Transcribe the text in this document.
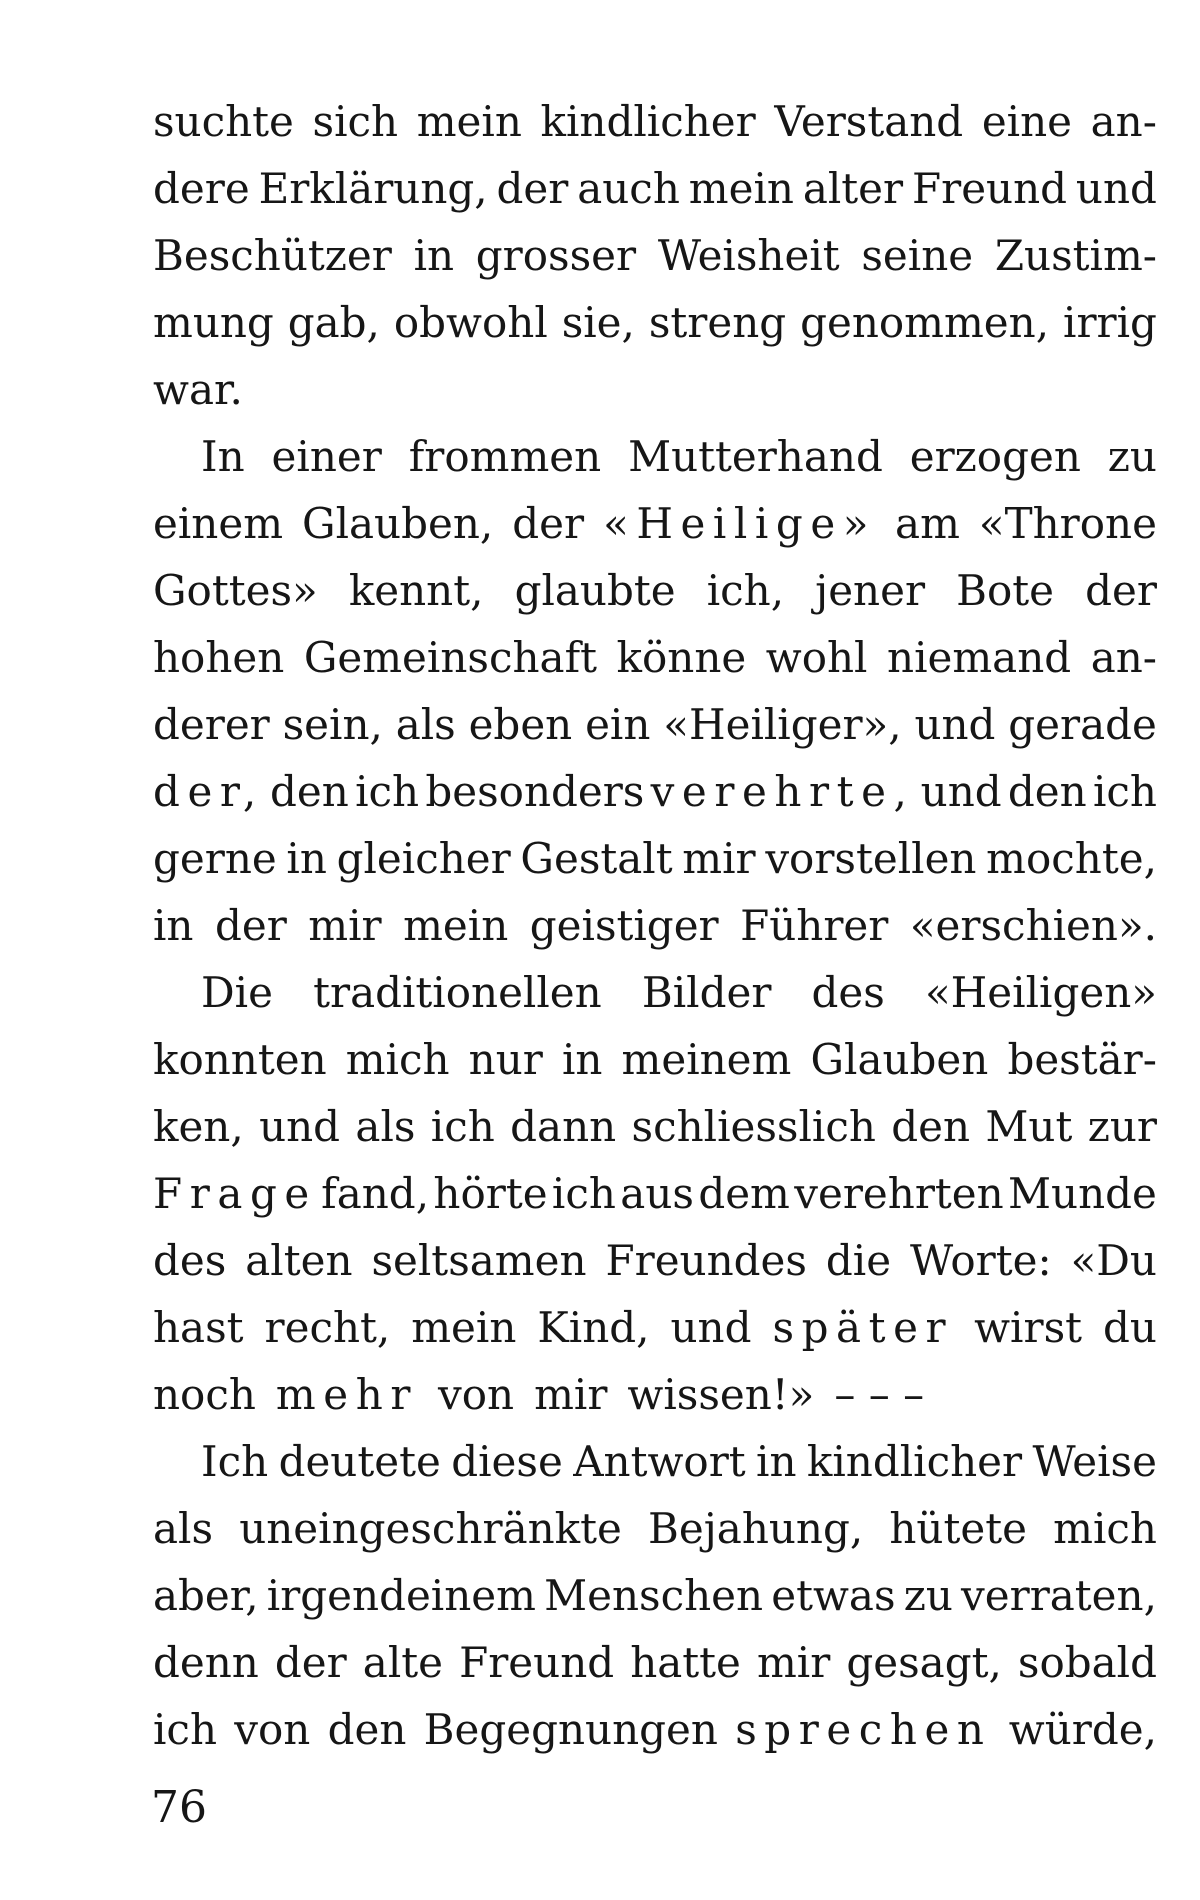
suchte sich mein kindlicher Verstand eine an-
dere Erklärung, der auch mein alter Freund und
Beschützer in grosser Weisheit seine Zustim-
mung gab, obwohl sie, streng genommen, irrig
war.
In einer frommen Mutterhand erzogen zu
einem Glauben, der «Heilige» am «Throne
Gottes» kennt, glaubte ich, jener Bote der
hohen Gemeinschaft könne wohl niemand an-
derer sein, als eben ein «Heiliger», und gerade
der, den ich besonders verehrte, und den ich
gerne in gleicher Gestalt mir vorstellen mochte,
in der mir mein geistiger Führer «erschien».
Die traditionellen Bilder des «Heiligen»
konnten mich nur in meinem Glauben bestär-
ken, und als ich dann schliesslich den Mut zur
Frage fand, hörte ich aus dem verehrten Munde
des alten seltsamen Freundes die Worte: «Du
hast recht, mein Kind, und später wirst du
noch mehr von mir wissen!» – – –
Ich deutete diese Antwort in kindlicher Weise
als uneingeschränkte Bejahung, hütete mich
aber, irgendeinem Menschen etwas zu verraten,
denn der alte Freund hatte mir gesagt, sobald
ich von den Begegnungen sprechen würde,
76
